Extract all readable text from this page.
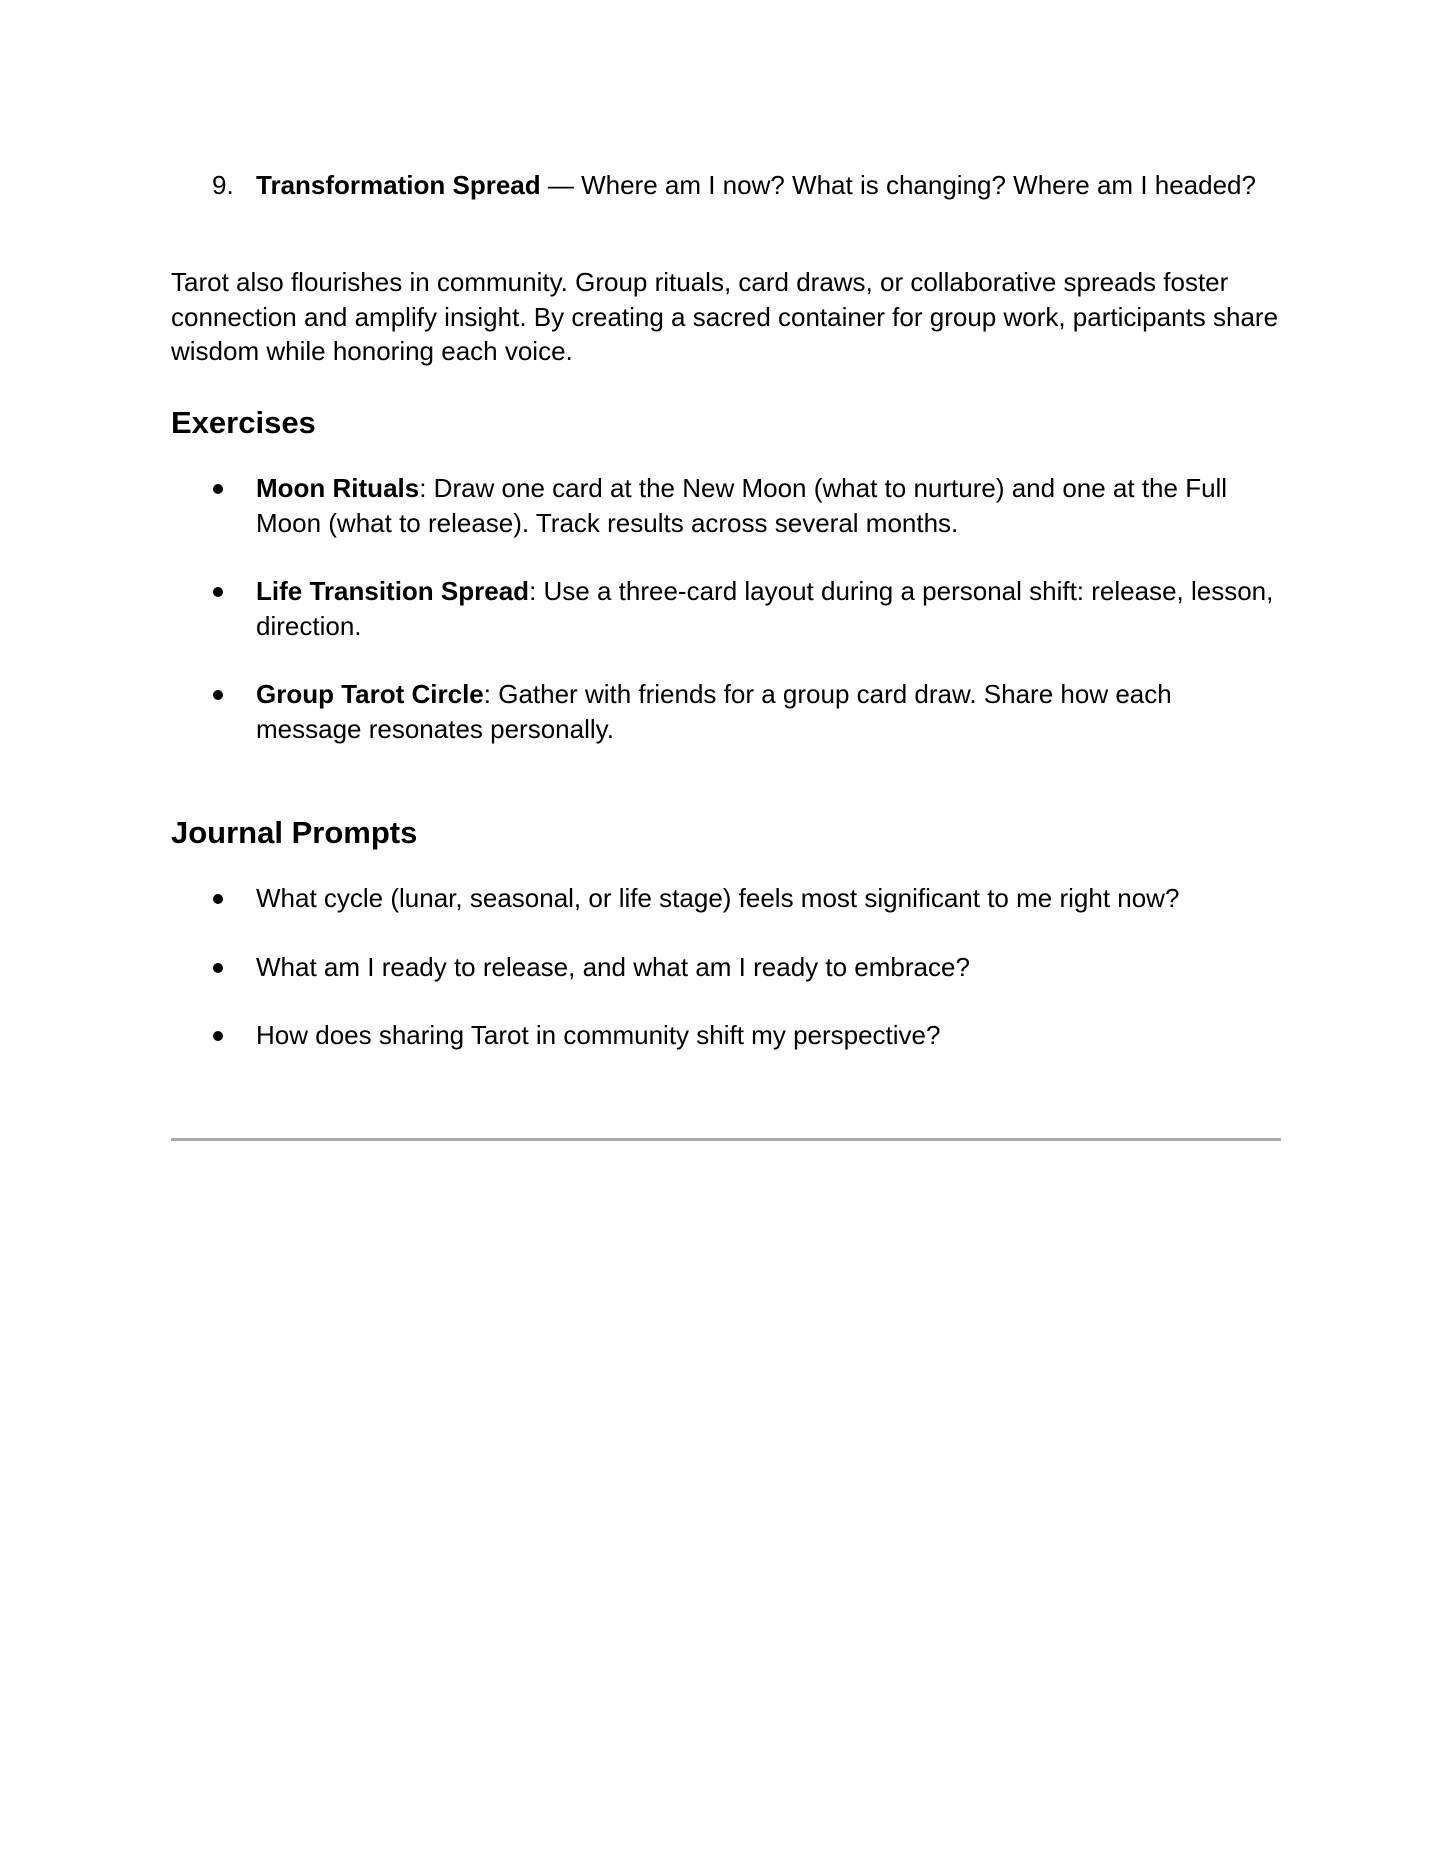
9. Transformation Spread — Where am I now? What is changing? Where am I headed?

Tarot also flourishes in community. Group rituals, card draws, or collaborative spreads foster connection and amplify insight. By creating a sacred container for group work, participants share wisdom while honoring each voice.

Exercises
Moon Rituals: Draw one card at the New Moon (what to nurture) and one at the Full Moon (what to release). Track results across several months.
Life Transition Spread: Use a three-card layout during a personal shift: release, lesson, direction.
Group Tarot Circle: Gather with friends for a group card draw. Share how each message resonates personally.
Journal Prompts
What cycle (lunar, seasonal, or life stage) feels most significant to me right now?
What am I ready to release, and what am I ready to embrace?
How does sharing Tarot in community shift my perspective?
